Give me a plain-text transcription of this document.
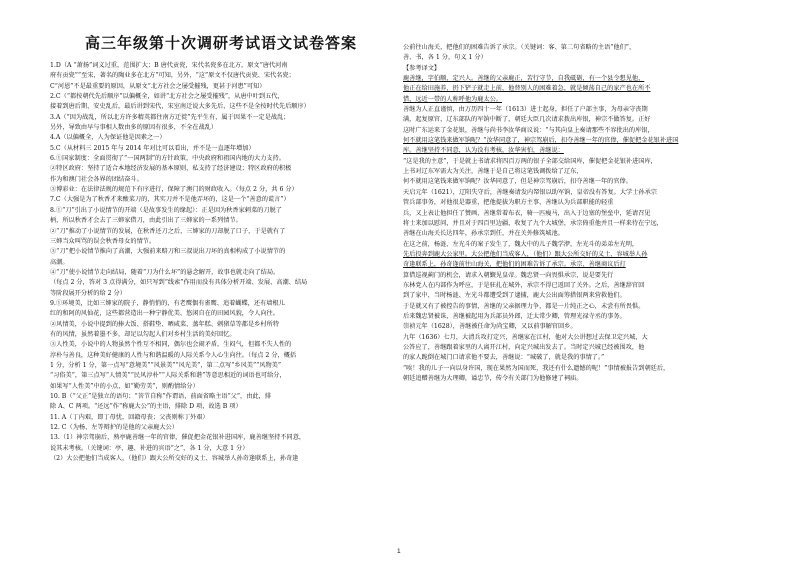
高三年级第十次调研考试语文试卷答案
1.D（A “萧扬”词义过重，范围扩大；B 唐代贡瓷，宋代名瓷多在北方，原文“唐代河南
府有贡瓷”“至宋，著名的陶业多在北方”可知，另外，“这”原文不仅唐代贡瓷、宋代名瓷；
C“河恩”不是最重要的原因，从原文“北方社会之屡受摧残，更甚于河患”可知）
2.C（“都按朝代先后顺序”以偏概全，如讲“北方社会之屡受摧残”，从唐中叶到五代，
接着到唐后期、安史乱后，最后讲到宋代，宋室南迁说大多先后，这些不是全按时代先后顺序）
3.A（“因为战乱，所以北方许多精英都往南方迁徙”先平生有，属于因果不一定是战乱；
另外，导致由早与事相人数由多的原因有很多，不全在战乱）
4.A（以偏概全，人为保证他是因素之一）
5.C（从材料三 2015 年与 2014 年对比可以看出，并不是一直逐年增加）
6.①国家制度：全面贯彻了“一国两制”的方针政策，中央政府和祖国内地的大力支持。
②特区政府：坚持了适合本地经济发展的基本原则，私支持了经济建设；特区政府的积极
作为和澳门社会各界的团结奋斗。
③博彩业：在法律法规的规范下有序进行，保障了澳门的财政收入。（每点 2 分，共 6 分）
7.C（大强是为了秋香才来酸菜刀的，其实刀并不是他弄坏的，这是一个“善意的谎言”）
8.①“刀”引出了小说情节的开端（是故事发生的缘起）：正是因为秋香家刺菜的刀脱了
柄，所以秋香才会去了三婶家借刀，由此引出了三婶家的一系列情节。
②“刀”推动了小说情节的发展，在秋香还刀之后，三婶家的刀却脱了口子，于是就有了
三婶当众叫骂的误会秋香母女的情节。
③“刀”把小说情节推向了高潮，大强前来赔刀和三叔说出刀坏的真相构成了小说情节的
高潮。
④“刀”使小说情节走向结局，随着“刀为什么坏”的悬念解开，故事也就走向了结局。
（每点 2 分，答对 3 点得满分，如只写到“线索”作用而没有具体分析开端、发展、高潮、结局
等阶段展开分析的给 2 分）
9.①环境美，比如三婶家的院子，静悄悄的，有老鹰偶有雀鹰、追着蝴蝶，还有墙根儿
红的和阿的风仙花，这些都营造出一种宁静优美、悠闲自在的田园风貌，令人向往。
②风情美，小说中提到的捧大饭、搭鞋垫、晒咸菜、蒸年糕、刺猪草等都是乡村所特
有的风情，虽然着墨不多，却足以勾起人们对乡村生活的美好回忆。
③人性美，小说中的人物虽然个性互不相同，偶尔也会闹矛盾，生闷气，但都不失人性的
淳朴与善良，这种美好健康的人性与和谐温暖的人际关系令人心生向往。（每点 2 分，概括
1 分，分析 1 分，第一点写“意境美”“风景美”“风光美”，第二点写“乡风美”“风物美”
“习俗美”，第三点写“人情美”“民风淳朴”“人际关系和谐”等意思相近的词语也可给分，
如果写“人性美”中的小点，如“勤劳美”，则酌情给分）
10. B（“父正”是独立的语句；“菩节自称”作谓语，前面省略主语“父”，由此，排
除 A、C 两项。“还远”作“称鹿大公”的主语，排除 D 项，故选 B 项）
11. A（丁内艰，即丁母忧，回籍母丧；父丧则称丁外艰）
12. C（为杨、左等辩护的是他的父亲鹿大公）
13.（1）神宗驾崩后，熟亭鹿善继一年的官俸，催促把金花银补进国库，鹿善继坚持不同意，
说其未考核。（关键词：亭、趣、补进的宾语“之”，各 1 分，大意 1 分）
（2）大公把他们当成客人，（他们）跟大公所交好的义士、容城举人孙奇逢联系上，孙奇逢
公前往山海关，把他们的困难告诉了承宗。（关键词：客、第二句省略的主语“他们”，
善、书，各 1 分，句义 1 分）
【参考译文】
鹿善继，字伯顺，定兴人。善继的父亲鹿正，苦行守节，自我砥砺，有一个县令想见他，
他正在给田施养，扔下铲子就走上前，他替别人的困难着急，就是倾荡自己的家产也在所不
惜，远近一带的人称呼他为鹿太公。
善继为人正直谨慎，由万历四十一年（1613）进士起身，担任了户部主事，为母亲守丧期
满，起复原官，辽东部队的军饷中断了，朝廷大臣几次请求拨出库银，神宗不做答复。正好
这时广东运来了金花银，善继与尚书李汝华商议说：“与其向皇上奏请那些不容批出的库银，
何不就用这笔钱来做军饷呢？”汝华同意了，神宗驾崩后，扣夺善继一年的官俸，催促把金花银补进国
库。善继坚持不同意，认为没有考核，汝华害怕，善继说：
“这是我的主意”，于是就上书请求将四百万两的银子全部交给国库，催促把金花银补进国库，
上书对辽东军需大为关注，善继于是自己将这笔钱调拨给了辽东，
何不就用这笔钱来做军饷呢？汝华同意了，但是神宗驾崩后，扣夺善继一年的官俸。
天启元年（1621），辽阳失守后，善继奏请发内帑银以助军饷，皇帝没有答复。大学士孙承宗
管兵部事务，对他很是器重，把他提拔为职方主事，善继认为兵部职能的轻重
兵，又上表让他担任了赞画，善继常着布衣，骑一匹瘦马，出入于边塞的堡垒中，延请召见
将士来加以慰问，并且对于四百里边疆，收复了九个大城堡，承宗倚重他并且一样来待在宁远，
善继在山海关长达四年，孙承宗到任，并在关外修筑城池。
在这之前，杨涟、左光斗的案子发生了，魏大中的儿子魏学洢，左光斗的弟弟左光明，
先后投奔到鹿大公家里。大公把他们当成客人，（他们）跟大公所交好的义士、容城举人孙
奇逢联系上，孙奇逢前往山海关，把他们的困难告诉了承宗。承宗、善继商议后打
算借巡视蓟门的机会，请求入朝觐见皇帝。魏忠贤一向畏惧承宗，说是要先行
东林党人在内部作为呼应，于是驻扎在城外，承宗不得已返回了关外。之后，善继辞官回
到了家中，当时杨涟、左光斗都遭受到了逮捕，鹿大公出面筹措银两来营救他们。
于是就又有了被控告的事情，善继的父亲据理力争，都是一片纯正之心，未尝有所畏惧。
后来魏忠贤被诛，善继被起用为兵部员外郎，迁太常少卿，管理光禄寺丞的事务。
崇祯元年（1628），善继被任命为尚宝卿，又以前事解官回乡。
九年（1636）七月，大清兵攻打定兴，善继家在江村，他对大公讲想过去保卫定兴城，大
公答应了，善继跟着家里的人离开江村，向定兴城出发去了。当时定兴城已经被围攻，他
的家人跪倒在城门口请求他不要去，善继说：“城破了，就是我的事情了。”
“唉！我的儿子一向以身许国，现在果然为国而死，我还有什么遗憾的呢！”事情被报告到朝廷后，
朝廷追赠善继为大理卿，谥忠节，传令有关部门为他修建了祠庙。
1
